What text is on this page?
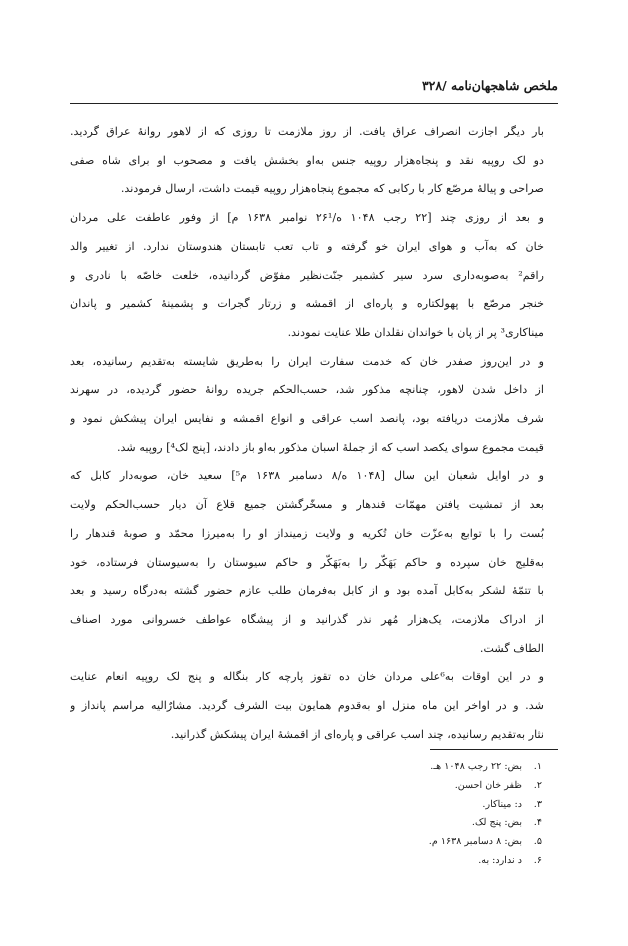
ملخص شاهجهان‌نامه /۳۲۸

بار دیگر اجازت انصراف عراق یافت. از روز ملازمت تا روزی که از لاهور روانهٔ عراق گردید.
دو لک روپیه نقد و پنجاه‌هزار روپیه جنس به‌او بخشش یافت و مصحوب او برای شاه صفی
صراحی و پیالهٔ مرصّع کار با رکابی که مجموع پنجاه‌هزار روپیه قیمت داشت، ارسال فرمودند.

و بعد از روزی چند [۲۲ رجب ۱۰۴۸ ه/۲۶¹ نوامبر ۱۶۳۸ م] از وفور عاطفت علی مردان
خان که به‌آب و هوای ایران خو گرفته و تاب تعب تابستان هندوستان ندارد. از تغییر والد
راقم² به‌صوبه‌داری سرد سیر کشمیر جنّت‌نظیر مفوّض گردانیده، خلعت خاصّه با نادری و
خنجر مرصّع با پهولکتاره و پاره‌ای از اقمشه و زرتار گجرات و پشمینهٔ کشمیر و پاندان
میناکاری³ پر از پان با خواندان نقلدان طلا عنایت نمودند.

و در این‌روز صفدر خان که خدمت سفارت ایران را به‌طریق شایسته به‌تقدیم رسانیده، بعد
از داخل شدن لاهور، چنانچه مذکور شد، حسب‌الحکم جریده روانهٔ حضور گردیده، در سهرند
شرف ملازمت دریافته بود، پانصد اسب عراقی و انواع اقمشه و نفایس ایران پیشکش نمود و
قیمت مجموع سوای یکصد اسب که از جملهٔ اسبان مذکور به‌او باز دادند، [پنج لک⁴] روپیه شد.

و در اوایل شعبان این سال [۱۰۴۸ ه/۸ دسامبر ۱۶۳۸ م⁵] سعید خان، صوبه‌دار کابل که
بعد از تمشیت یافتن مهمّات قندهار و مسخّرگشتن جمیع قلاع آن دیار حسب‌الحکم ولایت
بُست را با توابع به‌عزّت خان تُکریه و ولایت زمینداز او را به‌میرزا محمّد و صوبهٔ قندهار را
به‌قلیج خان سپرده و حاکم بَهَکّر را به‌بَهَکّر و حاکم سیوستان را به‌سیوستان فرستاده، خود
با تتمّهٔ لشکر به‌کابل آمده بود و از کابل به‌فرمان طلب عازم حضور گشته به‌درگاه رسید و بعد
از ادراک ملازمت، یک‌هزار مُهر نذر گذرانید و از پیشگاه عواطف خسروانی مورد اصناف
الطاف گشت.

و در این اوقات به⁶علی مردان خان ده تقوز پارچه کار بنگاله و پنج لک روپیه انعام عنایت
شد. و در اواخر این ماه منزل او به‌قدوم همایون بیت الشرف گردید. مشارٌالیه مراسم پانداز و
نثار به‌تقدیم رسانیده، چند اسب عراقی و پاره‌ای از اقمشهٔ ایران پیشکش گذرانید.

۱.بض: ۲۲ رجب ۱۰۴۸ هـ.
۲.ظفر خان احسن.
۳.د: میناکار.
۴.بض: پنج لک.
۵.بض: ۸ دسامبر ۱۶۳۸ م.
۶.د ندارد: به.
